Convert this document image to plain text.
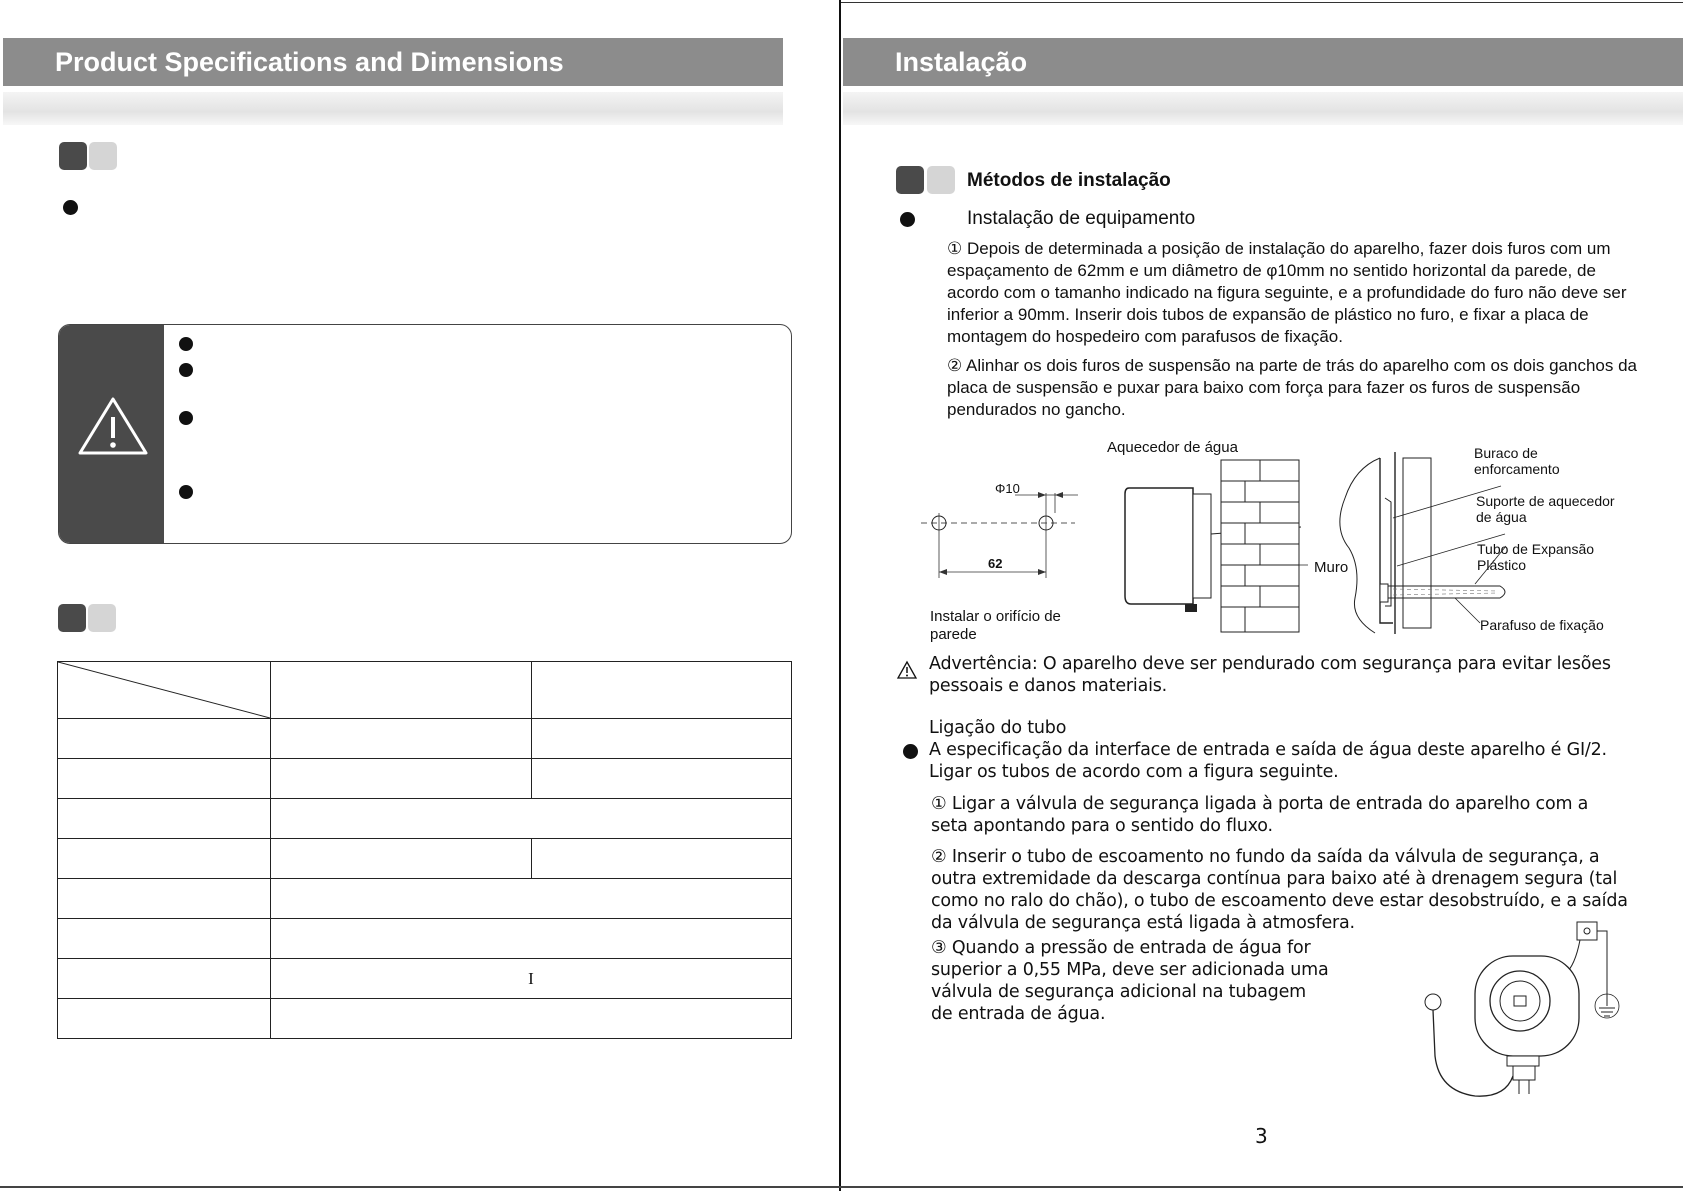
Product Specifications and Dimensions

	I	

Instalação
Métodos de instalação
Instalação de equipamento
① Depois de determinada a posição de instalação do aparelho, fazer dois furos com um espaçamento de 62mm e um diâmetro de φ10mm no sentido horizontal da parede, de acordo com o tamanho indicado na figura seguinte, e a profundidade do furo não deve ser inferior a 90mm. Inserir dois tubos de expansão de plástico no furo, e fixar a placa de montagem do hospedeiro com parafusos de fixação.
② Alinhar os dois furos de suspensão na parte de trás do aparelho com os dois ganchos da placa de suspensão e puxar para baixo com força para fazer os furos de suspensão pendurados no gancho.
Φ10
62
Instalar o orifício de parede
Aquecedor de água
Muro
Buraco de enforcamento
Suporte de aquecedor de água
Tubo de Expansão Plástico
Parafuso de fixação
Advertência: O aparelho deve ser pendurado com segurança para evitar lesões pessoais e danos materiais.
Ligação do tubo
A especificação da interface de entrada e saída de água deste aparelho é GI/2. Ligar os tubos de acordo com a figura seguinte.
① Ligar a válvula de segurança ligada à porta de entrada do aparelho com a seta apontando para o sentido do fluxo.
② Inserir o tubo de escoamento no fundo da saída da válvula de segurança, a outra extremidade da descarga contínua para baixo até à drenagem segura (tal como no ralo do chão), o tubo de escoamento deve estar desobstruído, e a saída da válvula de segurança está ligada à atmosfera.
③ Quando a pressão de entrada de água for superior a 0,55 MPa, deve ser adicionada uma válvula de segurança adicional na tubagem de entrada de água.
3
